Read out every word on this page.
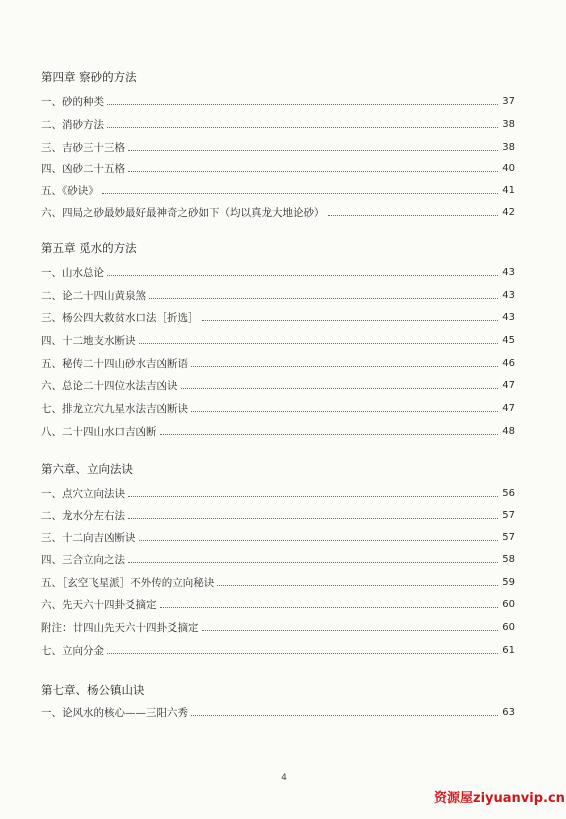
第四章 察砂的方法
一、砂的种类	37
二、消砂方法	38
三、吉砂三十三格	38
四、凶砂二十五格	40
五、《砂诀》	41
六、四局之砂最妙最好最神奇之砂如下（均以真龙大地论砂）	42
第五章 觅水的方法
一、山水总论	43
二、论二十四山黄泉煞	43
三、杨公四大救贫水口法［折选］	43
四、十二地支水断诀	45
五、秘传二十四山砂水吉凶断语	46
六、总论二十四位水法吉凶诀	47
七、排龙立穴九星水法吉凶断诀	47
八、二十四山水口吉凶断	48
第六章、立向法诀
一、点穴立向法诀	56
二、龙水分左右法	57
三、十二向吉凶断诀	57
四、三合立向之法	58
五、［玄空飞星派］不外传的立向秘诀	59
六、先天六十四卦爻摘定	60
附注：廿四山先天六十四卦爻摘定	60
七、立向分金	61
第七章、杨公镇山诀
一、论风水的核心——三阳六秀	63
4
资源屋ziyuanvip.cn
